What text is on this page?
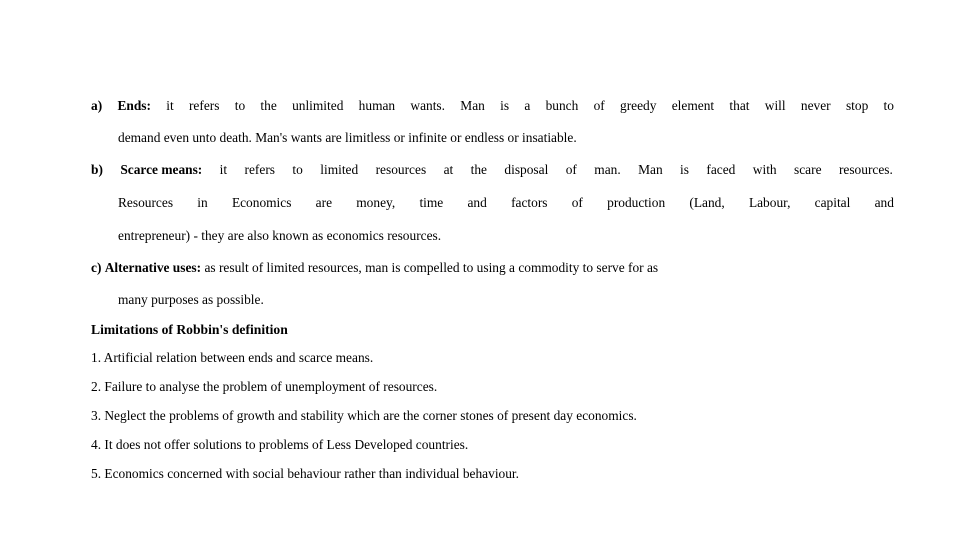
a) Ends: it refers to the unlimited human wants. Man is a bunch of greedy element that will never stop to
demand even unto death. Man's wants are limitless or infinite or endless or insatiable.
b) Scarce means: it refers to limited resources at the disposal of man. Man is faced with scare resources.
Resources in Economics are money, time and factors of production (Land, Labour, capital and
entrepreneur) - they are also known as economics resources.
c) Alternative uses: as result of limited resources, man is compelled to using a commodity to serve for as
many purposes as possible.
Limitations of Robbin's definition
1. Artificial relation between ends and scarce means.
2. Failure to analyse the problem of unemployment of resources.
3. Neglect the problems of growth and stability which are the corner stones of present day economics.
4. It does not offer solutions to problems of Less Developed countries.
5. Economics concerned with social behaviour rather than individual behaviour.
